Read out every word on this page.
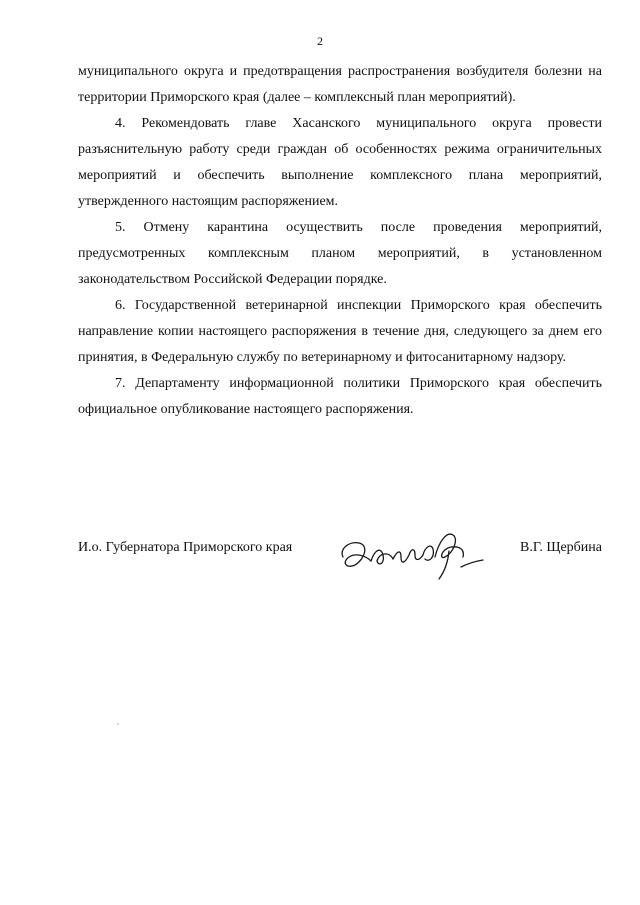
2

муниципального округа и предотвращения распространения возбудителя болезни на территории Приморского края (далее – комплексный план мероприятий).

4. Рекомендовать главе Хасанского муниципального округа провести разъяснительную работу среди граждан об особенностях режима ограничительных мероприятий и обеспечить выполнение комплексного плана мероприятий, утвержденного настоящим распоряжением.

5. Отмену карантина осуществить после проведения мероприятий, предусмотренных комплексным планом мероприятий, в установленном законодательством Российской Федерации порядке.

6. Государственной ветеринарной инспекции Приморского края обеспечить направление копии настоящего распоряжения в течение дня, следующего за днем его принятия, в Федеральную службу по ветеринарному и фитосанитарному надзору.

7. Департаменту информационной политики Приморского края обеспечить официальное опубликование настоящего распоряжения.

И.о. Губернатора Приморского края	В.Г. Щербина
